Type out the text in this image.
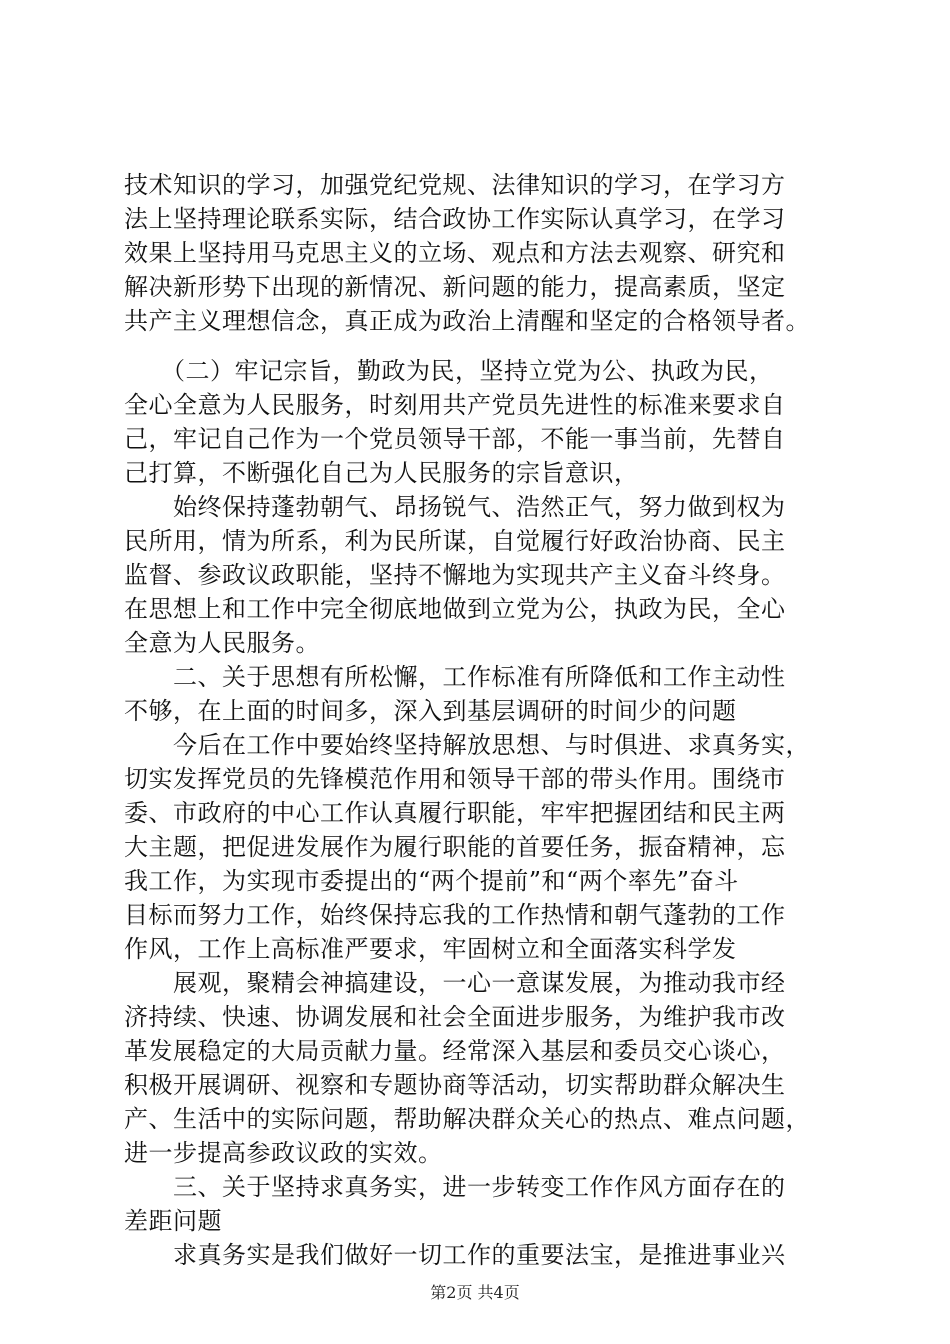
技术知识的学习，加强党纪党规、法律知识的学习，在学习方
法上坚持理论联系实际，结合政协工作实际认真学习，在学习
效果上坚持用马克思主义的立场、观点和方法去观察、研究和
解决新形势下出现的新情况、新问题的能力，提高素质，坚定
共产主义理想信念，真正成为政治上清醒和坚定的合格领导者。
　　（二）牢记宗旨，勤政为民，坚持立党为公、执政为民，
全心全意为人民服务，时刻用共产党员先进性的标准来要求自
己，牢记自己作为一个党员领导干部，不能一事当前，先替自
己打算，不断强化自己为人民服务的宗旨意识，
　　始终保持蓬勃朝气、昂扬锐气、浩然正气，努力做到权为
民所用，情为所系，利为民所谋，自觉履行好政治协商、民主
监督、参政议政职能，坚持不懈地为实现共产主义奋斗终身。
在思想上和工作中完全彻底地做到立党为公，执政为民，全心
全意为人民服务。
　　二、关于思想有所松懈，工作标准有所降低和工作主动性
不够，在上面的时间多，深入到基层调研的时间少的问题
　　今后在工作中要始终坚持解放思想、与时俱进、求真务实，
切实发挥党员的先锋模范作用和领导干部的带头作用。围绕市
委、市政府的中心工作认真履行职能，牢牢把握团结和民主两
大主题，把促进发展作为履行职能的首要任务，振奋精神，忘
我工作，为实现市委提出的“两个提前”和“两个率先”奋斗
目标而努力工作，始终保持忘我的工作热情和朝气蓬勃的工作
作风，工作上高标准严要求，牢固树立和全面落实科学发
　　展观，聚精会神搞建设，一心一意谋发展，为推动我市经
济持续、快速、协调发展和社会全面进步服务，为维护我市改
革发展稳定的大局贡献力量。经常深入基层和委员交心谈心，
积极开展调研、视察和专题协商等活动，切实帮助群众解决生
产、生活中的实际问题，帮助解决群众关心的热点、难点问题，
进一步提高参政议政的实效。
　　三、关于坚持求真务实，进一步转变工作作风方面存在的
差距问题
　　求真务实是我们做好一切工作的重要法宝，是推进事业兴
第2页 共4页
